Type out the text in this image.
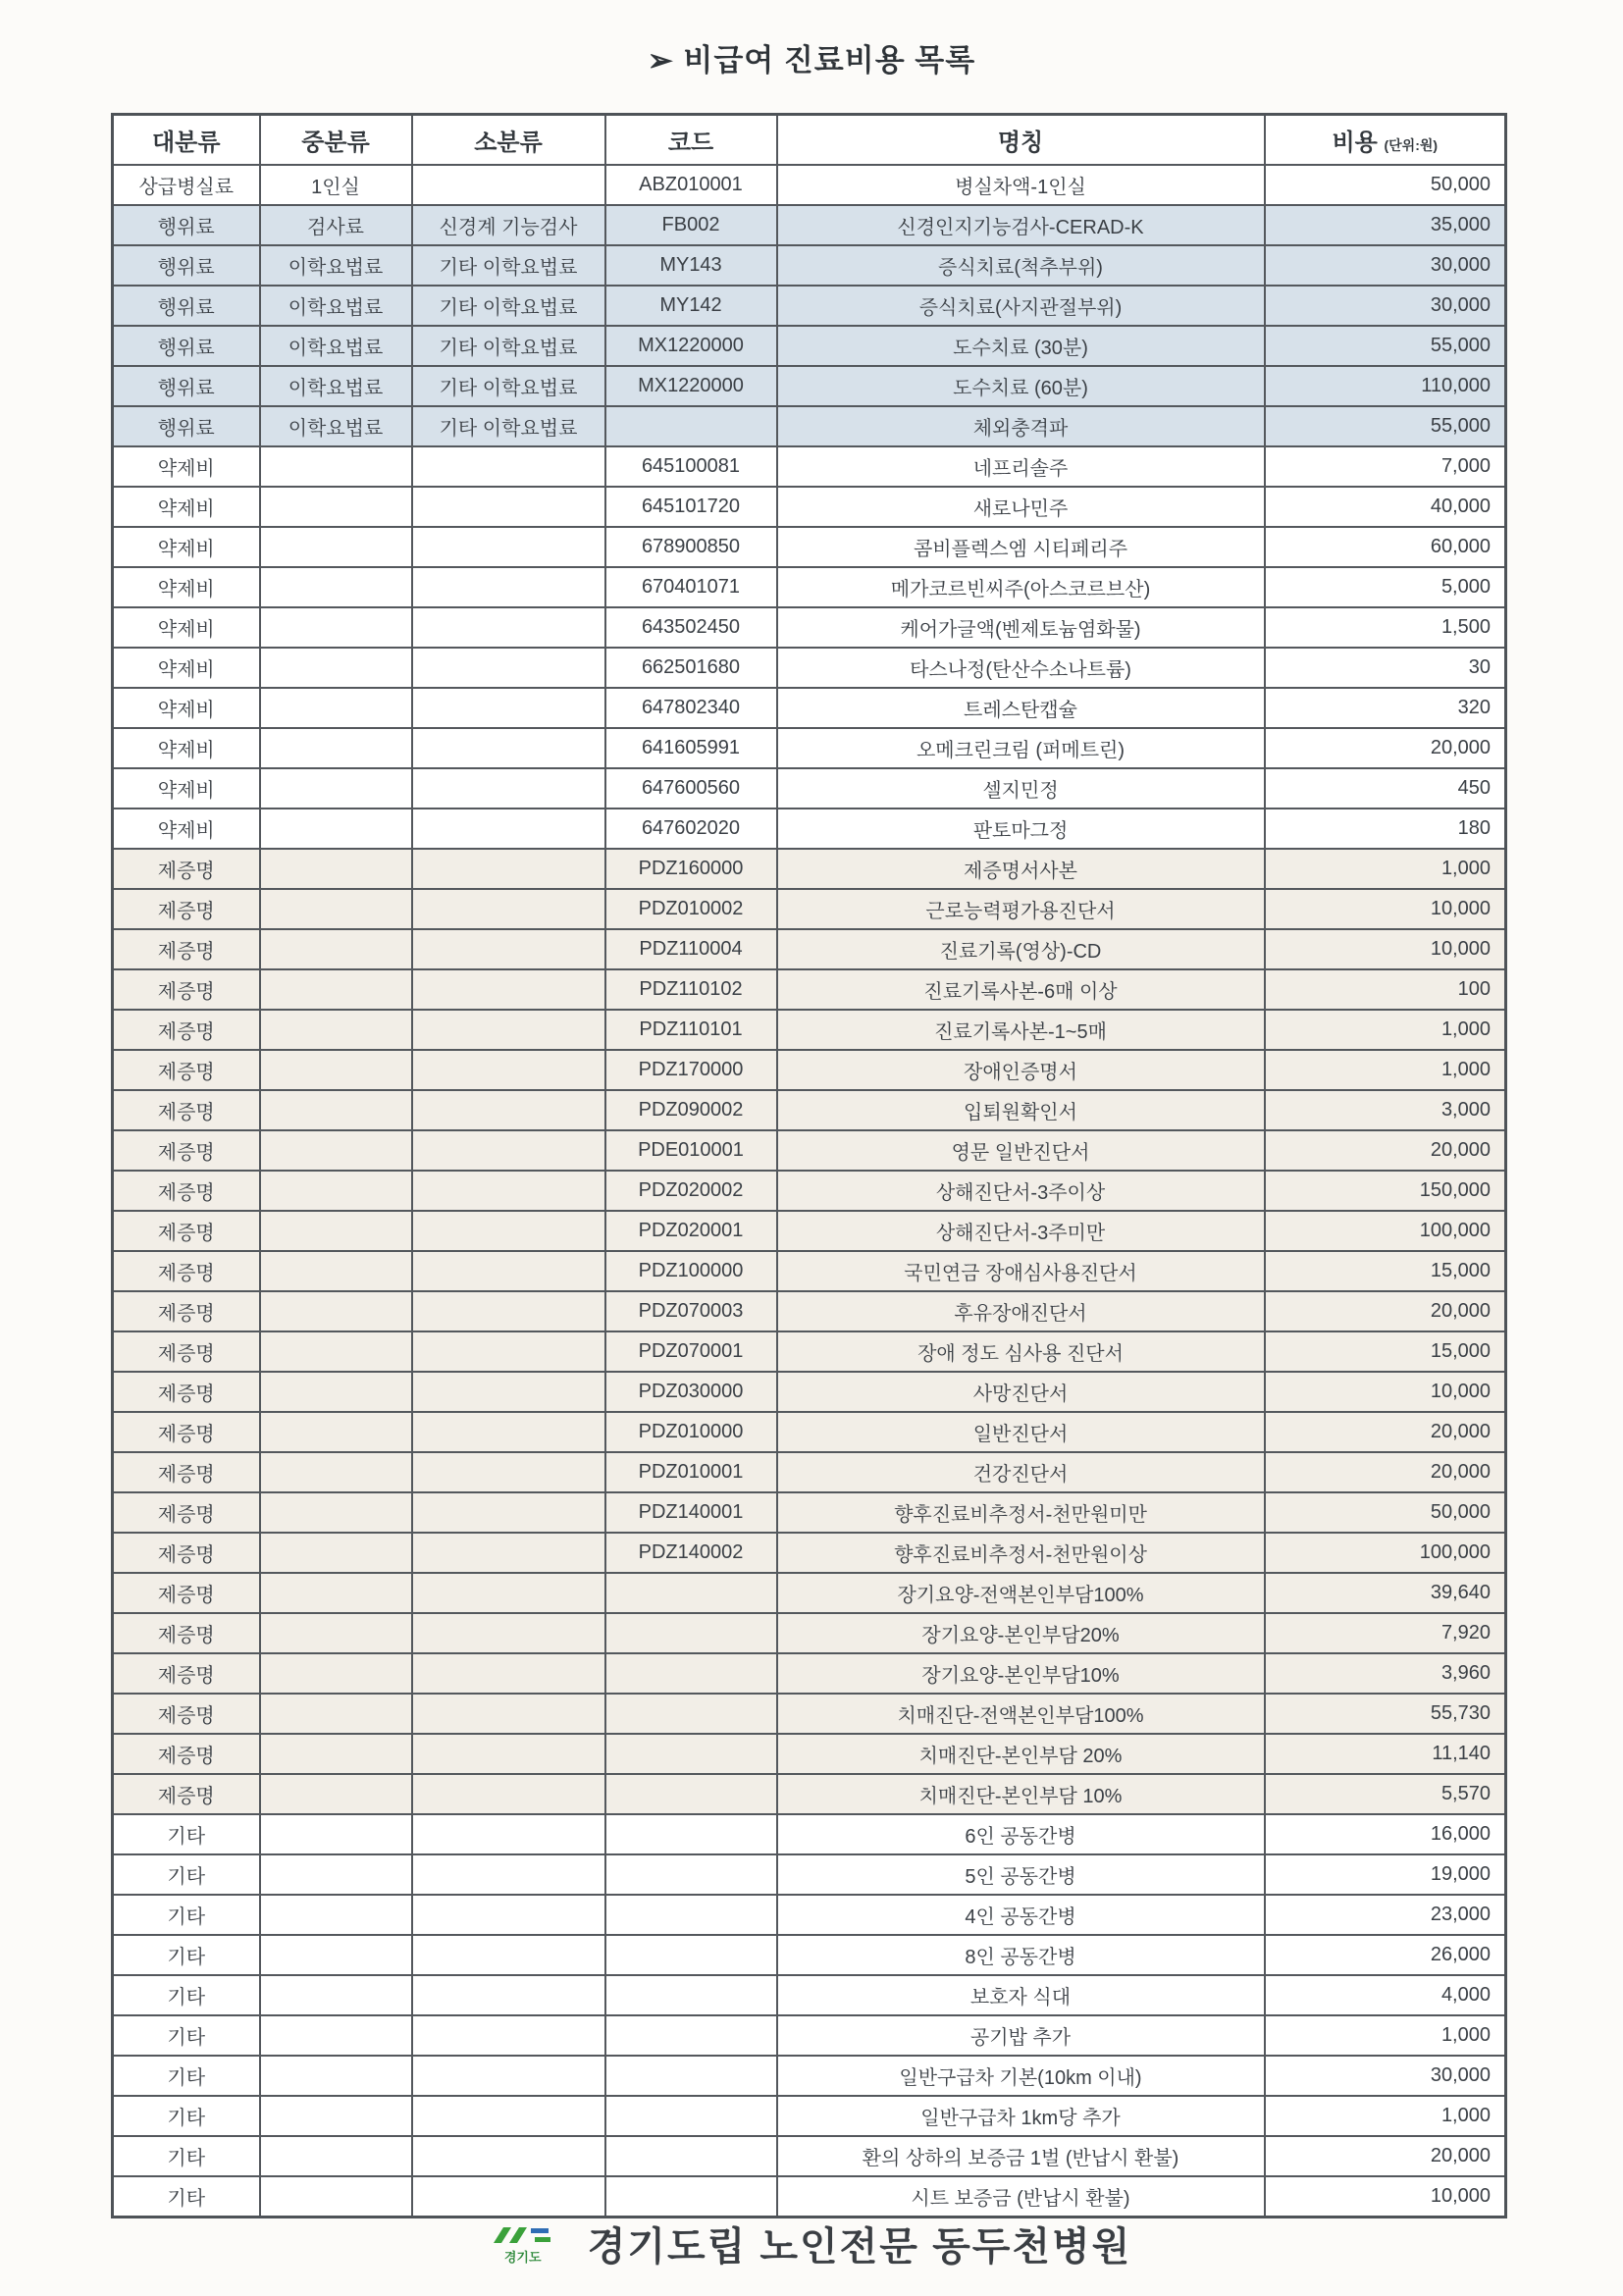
➢ 비급여 진료비용 목록
대분류	중분류	소분류	코드	명칭	비용 (단위:원)
상급병실료	1인실		ABZ010001	병실차액-1인실	50,000
행위료	검사료	신경계 기능검사	FB002	신경인지기능검사-CERAD-K	35,000
행위료	이학요법료	기타 이학요법료	MY143	증식치료(척추부위)	30,000
행위료	이학요법료	기타 이학요법료	MY142	증식치료(사지관절부위)	30,000
행위료	이학요법료	기타 이학요법료	MX1220000	도수치료 (30분)	55,000
행위료	이학요법료	기타 이학요법료	MX1220000	도수치료 (60분)	110,000
행위료	이학요법료	기타 이학요법료		체외충격파	55,000
약제비			645100081	네프리솔주	7,000
약제비			645101720	새로나민주	40,000
약제비			678900850	콤비플렉스엠 시티페리주	60,000
약제비			670401071	메가코르빈씨주(아스코르브산)	5,000
약제비			643502450	케어가글액(벤제토늄염화물)	1,500
약제비			662501680	타스나정(탄산수소나트륨)	30
약제비			647802340	트레스탄캡슐	320
약제비			641605991	오메크린크림 (퍼메트린)	20,000
약제비			647600560	셀지민정	450
약제비			647602020	판토마그정	180
제증명			PDZ160000	제증명서사본	1,000
제증명			PDZ010002	근로능력평가용진단서	10,000
제증명			PDZ110004	진료기록(영상)-CD	10,000
제증명			PDZ110102	진료기록사본-6매 이상	100
제증명			PDZ110101	진료기록사본-1~5매	1,000
제증명			PDZ170000	장애인증명서	1,000
제증명			PDZ090002	입퇴원확인서	3,000
제증명			PDE010001	영문 일반진단서	20,000
제증명			PDZ020002	상해진단서-3주이상	150,000
제증명			PDZ020001	상해진단서-3주미만	100,000
제증명			PDZ100000	국민연금 장애심사용진단서	15,000
제증명			PDZ070003	후유장애진단서	20,000
제증명			PDZ070001	장애 정도 심사용 진단서	15,000
제증명			PDZ030000	사망진단서	10,000
제증명			PDZ010000	일반진단서	20,000
제증명			PDZ010001	건강진단서	20,000
제증명			PDZ140001	향후진료비추정서-천만원미만	50,000
제증명			PDZ140002	향후진료비추정서-천만원이상	100,000
제증명				장기요양-전액본인부담100%	39,640
제증명				장기요양-본인부담20%	7,920
제증명				장기요양-본인부담10%	3,960
제증명				치매진단-전액본인부담100%	55,730
제증명				치매진단-본인부담 20%	11,140
제증명				치매진단-본인부담 10%	5,570
기타				6인 공동간병	16,000
기타				5인 공동간병	19,000
기타				4인 공동간병	23,000
기타				8인 공동간병	26,000
기타				보호자 식대	4,000
기타				공기밥 추가	1,000
기타				일반구급차 기본(10km 이내)	30,000
기타				일반구급차 1km당 추가	1,000
기타				환의 상하의 보증금 1벌 (반납시 환불)	20,000
기타				시트 보증금 (반납시 환불)	10,000
경기도 경기도립 노인전문 동두천병원
